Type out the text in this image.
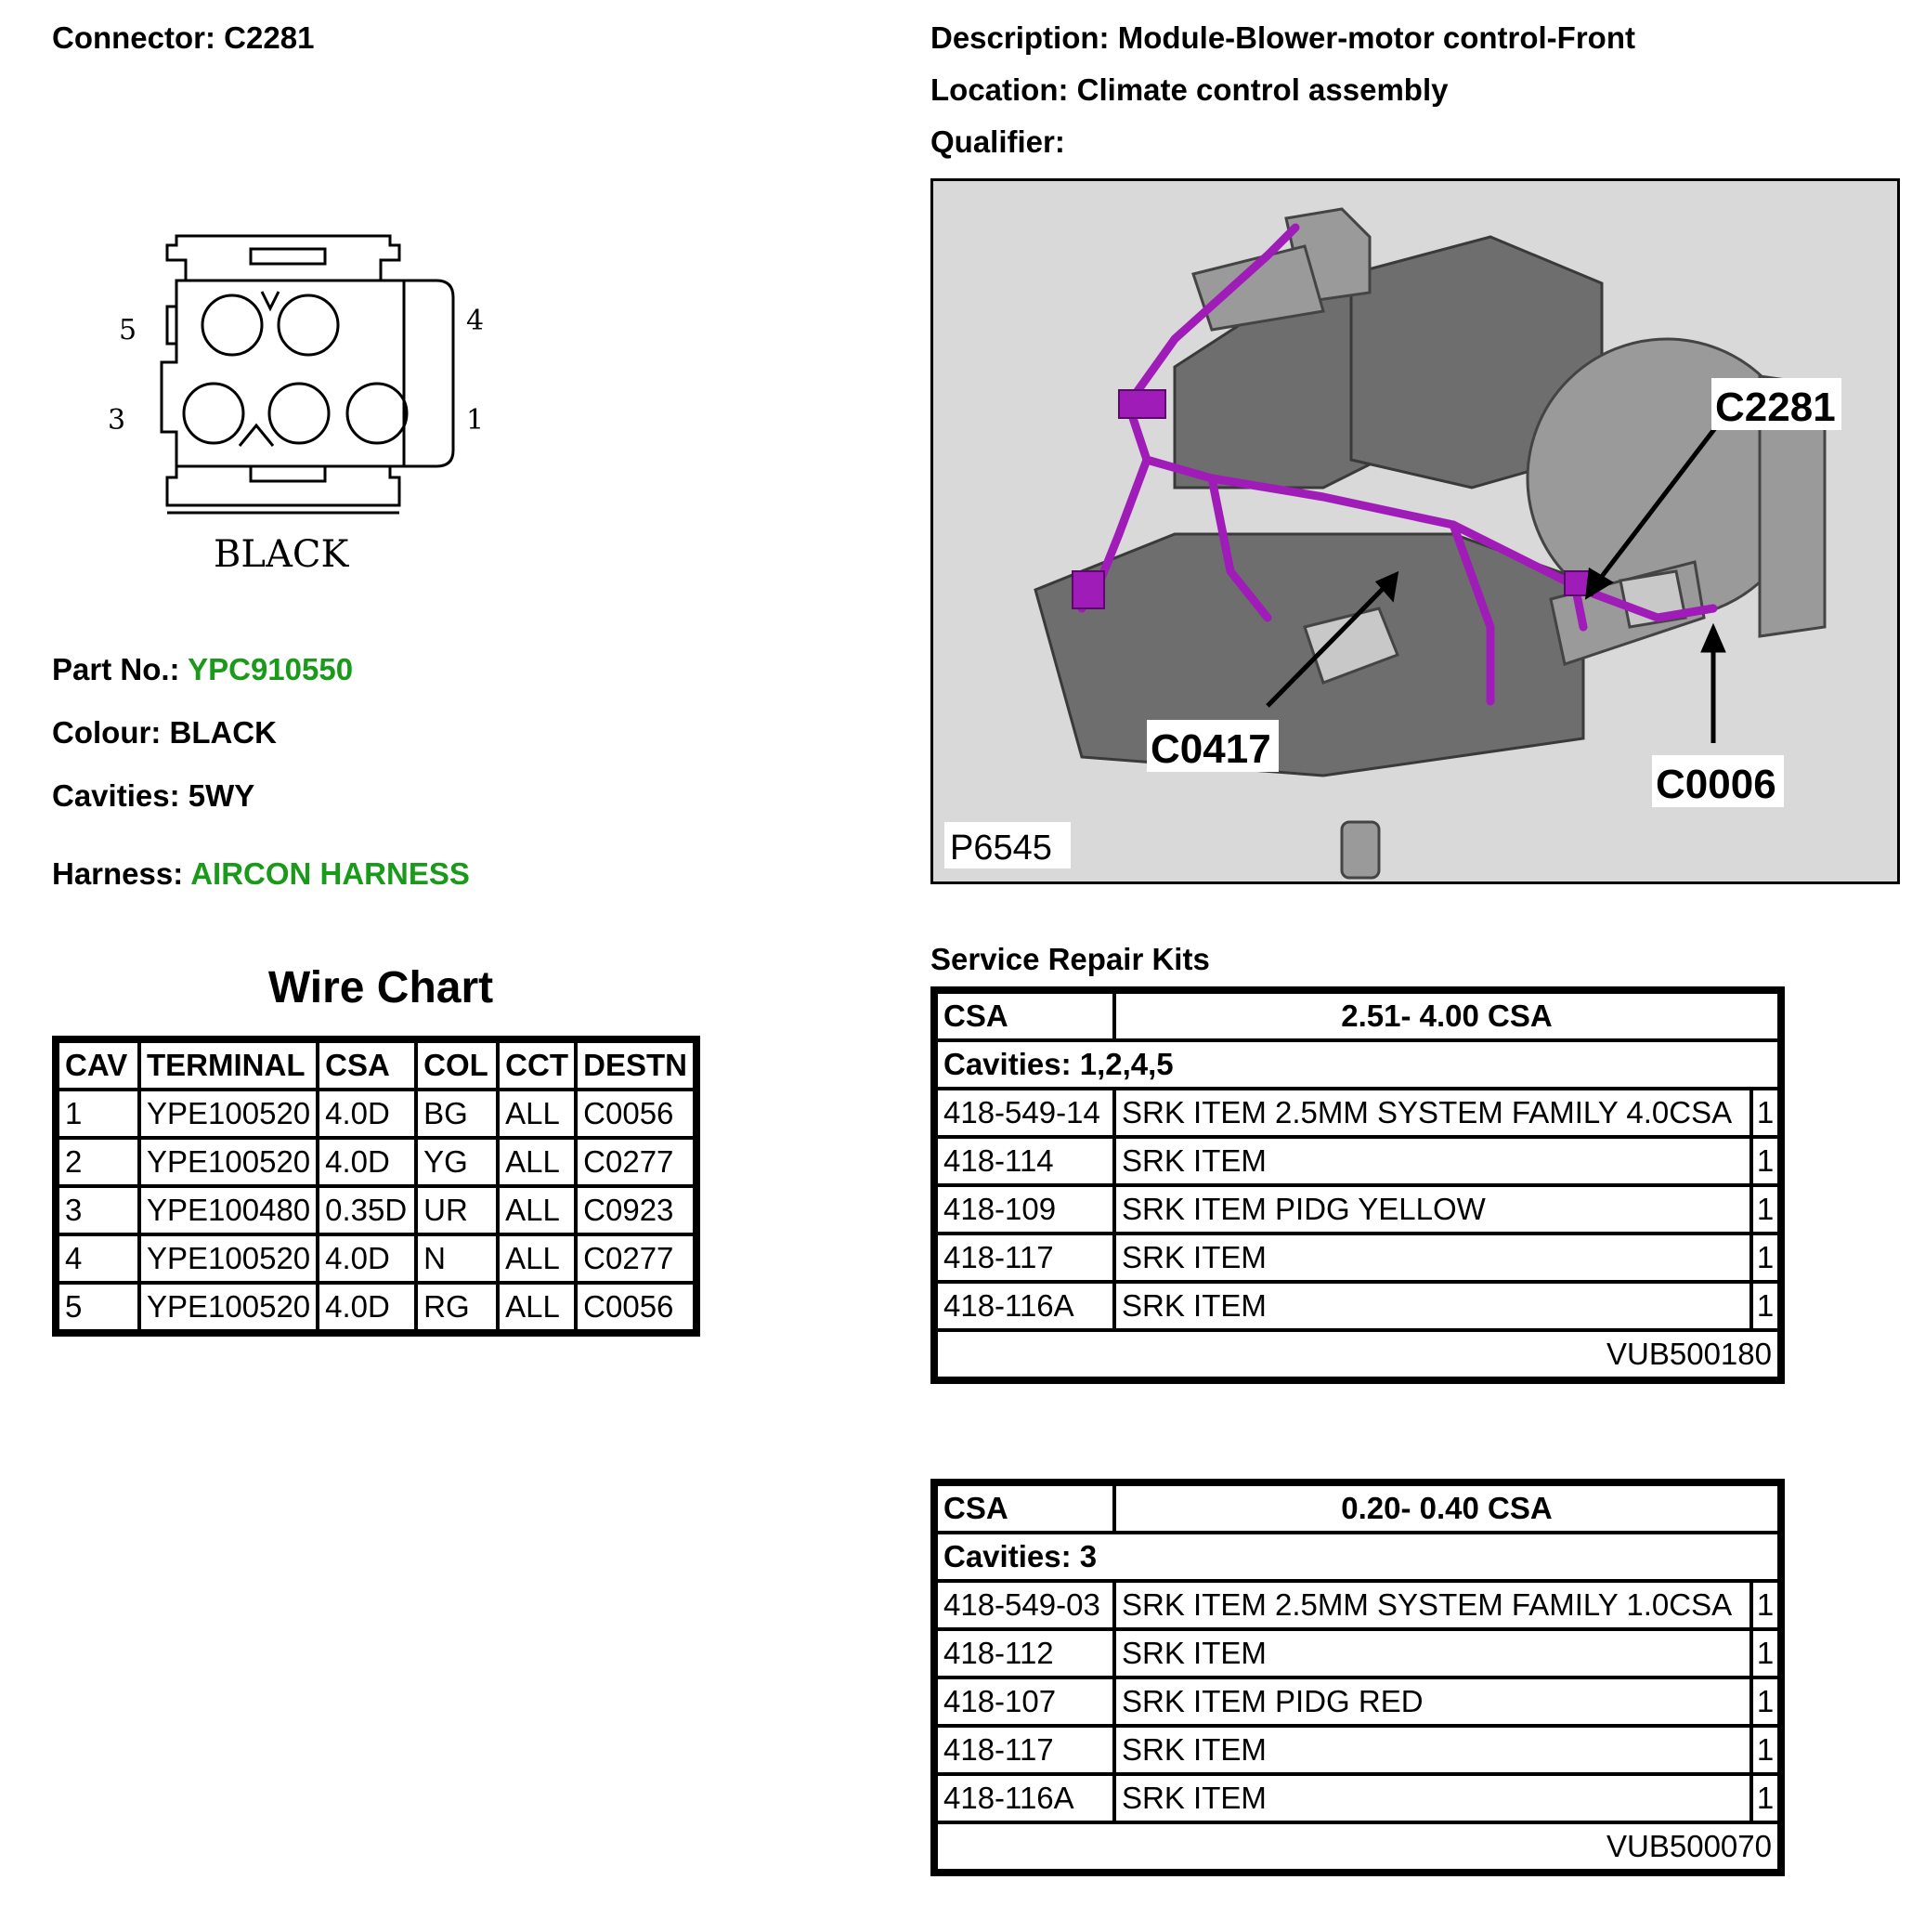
Connector: C2281	Description: Module-Blower-motor control-Front
Location: Climate control assembly
Qualifier:
5	4
3	1
BLACK
Part No.: YPC910550
Colour: BLACK
Cavities: 5WY
Harness: AIRCON HARNESS
Wire Chart
CAV	TERMINAL	CSA	COL	CCT	DESTN
1	YPE100520	4.0D	BG	ALL	C0056
2	YPE100520	4.0D	YG	ALL	C0277
3	YPE100480	0.35D	UR	ALL	C0923
4	YPE100520	4.0D	N	ALL	C0277
5	YPE100520	4.0D	RG	ALL	C0056
C2281
C0417
C0006
P6545
Service Repair Kits
CSA	2.51- 4.00 CSA	
Cavities: 1,2,4,5		
418-549-14	SRK ITEM 2.5MM SYSTEM FAMILY 4.0CSA	1
418-114	SRK ITEM	1
418-109	SRK ITEM PIDG YELLOW	1
418-117	SRK ITEM	1
418-116A	SRK ITEM	1
VUB500180		
CSA	0.20- 0.40 CSA	
Cavities: 3		
418-549-03	SRK ITEM 2.5MM SYSTEM FAMILY 1.0CSA	1
418-112	SRK ITEM	1
418-107	SRK ITEM PIDG RED	1
418-117	SRK ITEM	1
418-116A	SRK ITEM	1
VUB500070		
